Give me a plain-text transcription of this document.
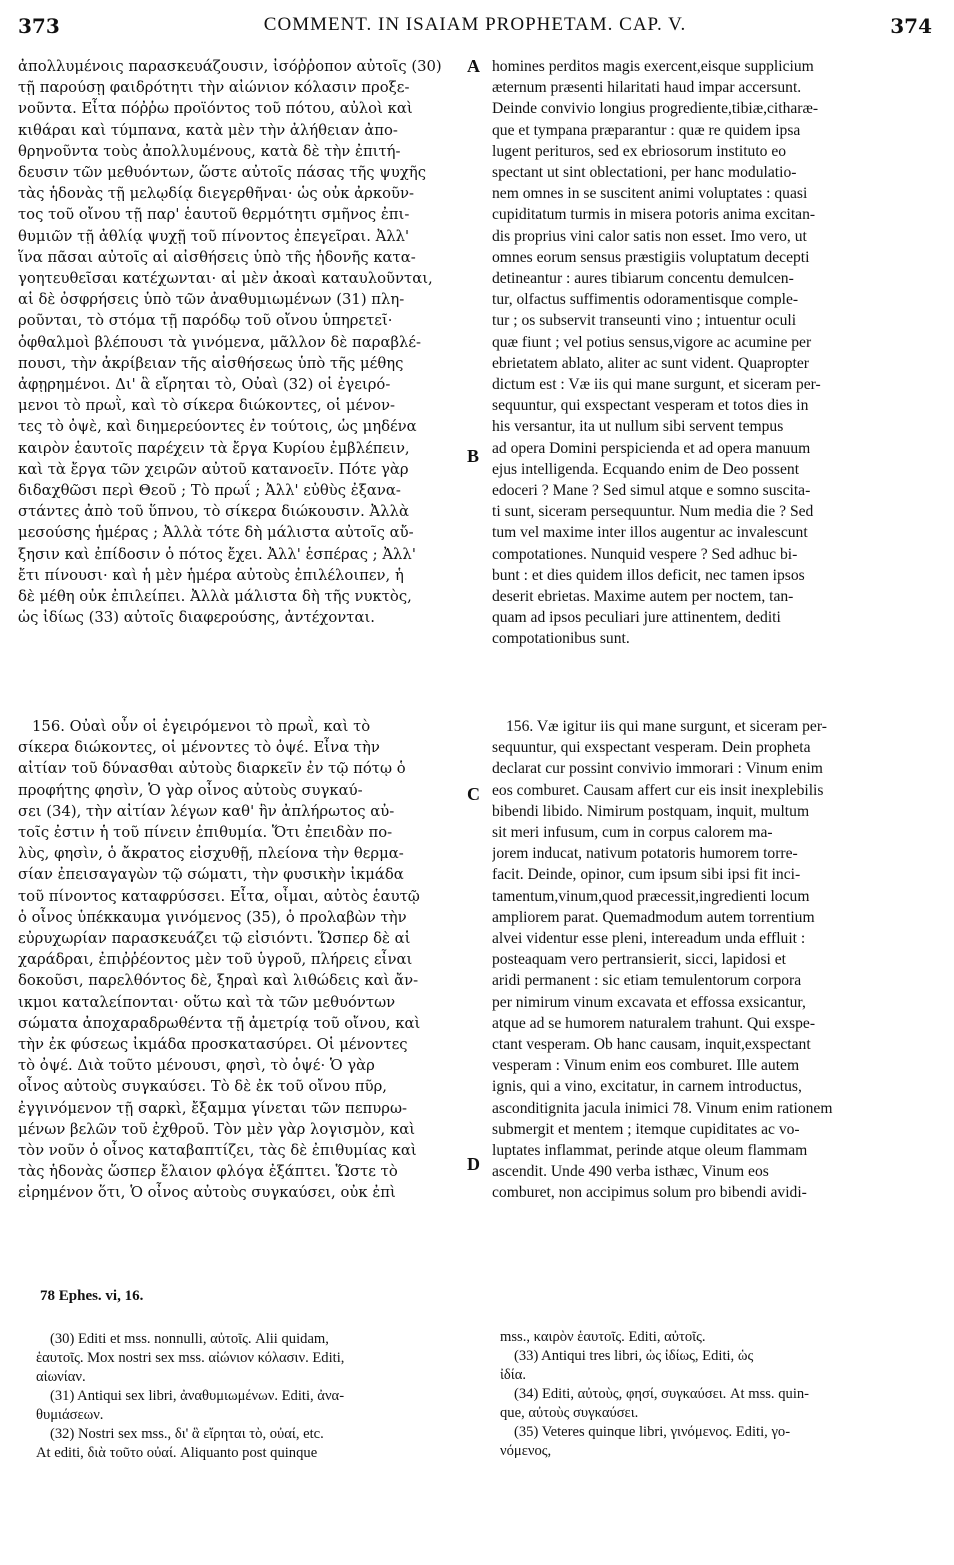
373	COMMENT. IN ISAIAM PROPHETAM. CAP. V.	374

ἀπολλυμένοις παρασκευάζουσιν, ἰσόῤῥοπον αὐτοῖς (30)

τῇ παρούσῃ φαιδρότητι τὴν αἰώνιον κόλασιν προξε-

νοῦντα. Εἶτα πόῤῥω προϊόντος τοῦ πότου, αὐλοὶ καὶ

κιθάραι καὶ τύμπανα, κατὰ μὲν τὴν ἀλήθειαν ἀπο-

θρηνοῦντα τοὺς ἀπολλυμένους, κατὰ δὲ τὴν ἐπιτή-

δευσιν τῶν μεθυόντων, ὥστε αὐτοῖς πάσας τῆς ψυχῆς

τὰς ἡδονὰς τῇ μελῳδίᾳ διεγερθῆναι· ὡς οὐκ ἀρκοῦν-

τος τοῦ οἴνου τῇ παρ' ἑαυτοῦ θερμότητι σμῆνος ἐπι-

θυμιῶν τῇ ἀθλίᾳ ψυχῇ τοῦ πίνοντος ἐπεγεῖραι. Ἀλλ'

ἵνα πᾶσαι αὐτοῖς αἱ αἰσθήσεις ὑπὸ τῆς ἡδονῆς κατα-

γοητευθεῖσαι κατέχωνται· αἱ μὲν ἀκοαὶ καταυλοῦνται,

αἱ δὲ ὀσφρήσεις ὑπὸ τῶν ἀναθυμιωμένων (31) πλη-

ροῦνται, τὸ στόμα τῇ παρόδῳ τοῦ οἴνου ὑπηρετεῖ·

ὀφθαλμοὶ βλέπουσι τὰ γινόμενα, μᾶλλον δὲ παραβλέ-

πουσι, τὴν ἀκρίβειαν τῆς αἰσθήσεως ὑπὸ τῆς μέθης

ἀφῃρημένοι. Δι' ἃ εἴρηται τὸ, Οὐαὶ (32) οἱ ἐγειρό-

μενοι τὸ πρωῒ, καὶ τὸ σίκερα διώκοντες, οἱ μένον-

τες τὸ ὀψὲ, καὶ διημερεύοντες ἐν τούτοις, ὡς μηδένα

καιρὸν ἑαυτοῖς παρέχειν τὰ ἔργα Κυρίου ἐμβλέπειν,

καὶ τὰ ἔργα τῶν χειρῶν αὐτοῦ κατανοεῖν. Πότε γὰρ

διδαχθῶσι περὶ Θεοῦ ; Τὸ πρωΐ ; Ἀλλ' εὐθὺς ἐξανα-

στάντες ἀπὸ τοῦ ὕπνου, τὸ σίκερα διώκουσιν. Ἀλλὰ

μεσούσης ἡμέρας ; Ἀλλὰ τότε δὴ μάλιστα αὐτοῖς αὔ-

ξησιν καὶ ἐπίδοσιν ὁ πότος ἔχει. Ἀλλ' ἑσπέρας ; Ἀλλ'

ἔτι πίνουσι· καὶ ἡ μὲν ἡμέρα αὐτοὺς ἐπιλέλοιπεν, ἡ

δὲ μέθη οὐκ ἐπιλείπει. Ἀλλὰ μάλιστα δὴ τῆς νυκτὸς,

ὡς ἰδίως (33) αὐτοῖς διαφερούσης, ἀντέχονται.

homines perditos magis exercent,eisque supplicium

æternum præsenti hilaritati haud impar accersunt.

Deinde convivio longius progrediente,tibiæ,citharæ-

que et tympana præparantur : quæ re quidem ipsa

lugent perituros, sed ex ebriosorum instituto eo

spectant ut sint oblectationi, per hanc modulatio-

nem omnes in se suscitent animi voluptates : quasi

cupiditatum turmis in misera potoris anima excitan-

dis proprius vini calor satis non esset. Imo vero, ut

omnes eorum sensus præstigiis voluptatum decepti

detineantur : aures tibiarum concentu demulcen-

tur, olfactus suffimentis odoramentisque comple-

tur ; os subservit transeunti vino ; intuentur oculi

quæ fiunt ; vel potius sensus,vigore ac acumine per

ebrietatem ablato, aliter ac sunt vident. Quapropter

dictum est : Væ iis qui mane surgunt, et siceram per-

sequuntur, qui exspectant vesperam et totos dies in

his versantur, ita ut nullum sibi servent tempus

ad opera Domini perspicienda et ad opera manuum

ejus intelligenda. Ecquando enim de Deo possent

edoceri ? Mane ? Sed simul atque e somno suscita-

ti sunt, siceram persequuntur. Num media die ? Sed

tum vel maxime inter illos augentur ac invalescunt

compotationes. Nunquid vespere ? Sed adhuc bi-

bunt : et dies quidem illos deficit, nec tamen ipsos

deserit ebrietas. Maxime autem per noctem, tan-

quam ad ipsos peculiari jure attinentem, dediti

compotationibus sunt.

156. Οὐαὶ οὖν οἱ ἐγειρόμενοι τὸ πρωῒ, καὶ τὸ

σίκερα διώκοντες, οἱ μένοντες τὸ ὀψέ. Εἶνα τὴν

αἰτίαν τοῦ δύνασθαι αὐτοὺς διαρκεῖν ἐν τῷ πότῳ ὁ

προφήτης φησὶν, Ὁ γὰρ οἶνος αὐτοὺς συγκαύ-

σει (34), τὴν αἰτίαν λέγων καθ' ἣν ἀπλήρωτος αὐ-

τοῖς ἐστιν ἡ τοῦ πίνειν ἐπιθυμία. Ὅτι ἐπειδὰν πο-

λὺς, φησὶν, ὁ ἄκρατος εἰσχυθῇ, πλείονα τὴν θερμα-

σίαν ἐπεισαγαγὼν τῷ σώματι, τὴν φυσικὴν ἰκμάδα

τοῦ πίνοντος καταφρύσσει. Εἶτα, οἶμαι, αὐτὸς ἑαυτῷ

ὁ οἶνος ὑπέκκαυμα γινόμενος (35), ὁ προλαβὼν τὴν

εὐρυχωρίαν παρασκευάζει τῷ εἰσιόντι. Ὥσπερ δὲ αἱ

χαράδραι, ἐπιῤῥέοντος μὲν τοῦ ὑγροῦ, πλήρεις εἶναι

δοκοῦσι, παρελθόντος δὲ, ξηραὶ καὶ λιθώδεις καὶ ἄν-

ικμοι καταλείπονται· οὕτω καὶ τὰ τῶν μεθυόντων

σώματα ἀποχαραδρωθέντα τῇ ἀμετρίᾳ τοῦ οἴνου, καὶ

τὴν ἐκ φύσεως ἰκμάδα προσκατασύρει. Οἱ μένοντες

τὸ ὀψέ. Διὰ τοῦτο μένουσι, φησὶ, τὸ ὀψέ· Ὁ γὰρ

οἶνος αὐτοὺς συγκαύσει. Τὸ δὲ ἐκ τοῦ οἴνου πῦρ,

ἐγγινόμενον τῇ σαρκὶ, ἔξαμμα γίνεται τῶν πεπυρω-

μένων βελῶν τοῦ ἐχθροῦ. Τὸν μὲν γὰρ λογισμὸν, καὶ

τὸν νοῦν ὁ οἶνος καταβαπτίζει, τὰς δὲ ἐπιθυμίας καὶ

τὰς ἡδονὰς ὥσπερ ἔλαιον φλόγα ἐξάπτει. Ὥστε τὸ

εἰρημένον ὅτι, Ὁ οἶνος αὐτοὺς συγκαύσει, οὐκ ἐπὶ

156. Væ igitur iis qui mane surgunt, et siceram per-

sequuntur, qui exspectant vesperam. Dein propheta

declarat cur possint convivio immorari : Vinum enim

eos comburet. Causam affert cur eis insit inexplebilis

bibendi libido. Nimirum postquam, inquit, multum

sit meri infusum, cum in corpus calorem ma-

jorem inducat, nativum potatoris humorem torre-

facit. Deinde, opinor, cum ipsum sibi ipsi fit inci-

tamentum,vinum,quod præcessit,ingredienti locum

ampliorem parat. Quemadmodum autem torrentium

alvei videntur esse pleni, intereadum unda effluit :

posteaquam vero pertransierit, sicci, lapidosi et

aridi permanent : sic etiam temulentorum corpora

per nimirum vinum excavata et effossa exsicantur,

atque ad se humorem naturalem trahunt. Qui exspe-

ctant vesperam. Ob hanc causam, inquit,exspectant

vesperam : Vinum enim eos comburet. Ille autem

ignis, qui a vino, excitatur, in carnem introductus,

asconditignita jacula inimici 78. Vinum enim rationem

submergit et mentem ; itemque cupiditates ac vo-

luptates inflammat, perinde atque oleum flammam

ascendit. Unde 490 verba isthæc, Vinum eos

comburet, non accipimus solum pro bibendi avidi-

A
B
C
D
78 Ephes. vi, 16.

(30) Editi et mss. nonnulli, αὐτοῖς. Alii quidam,

ἑαυτοῖς. Mox nostri sex mss. αἰώνιον κόλασιν. Editi,

αἰωνίαν.

(31) Antiqui sex libri, ἀναθυμιωμένων. Editi, ἀνα-

θυμιάσεων.

(32) Nostri sex mss., δι' ἃ εἴρηται τὸ, οὐαί, etc.

At editi, διὰ τοῦτο οὐαί. Aliquanto post quinque

mss., καιρὸν ἑαυτοῖς. Editi, αὐτοῖς.

(33) Antiqui tres libri, ὡς ἰδίως, Editi, ὡς

ἰδία.

(34) Editi, αὐτοὺς, φησί, συγκαύσει. At mss. quin-

que, αὐτοὺς συγκαύσει.

(35) Veteres quinque libri, γινόμενος. Editi, γο-

νόμενος,
